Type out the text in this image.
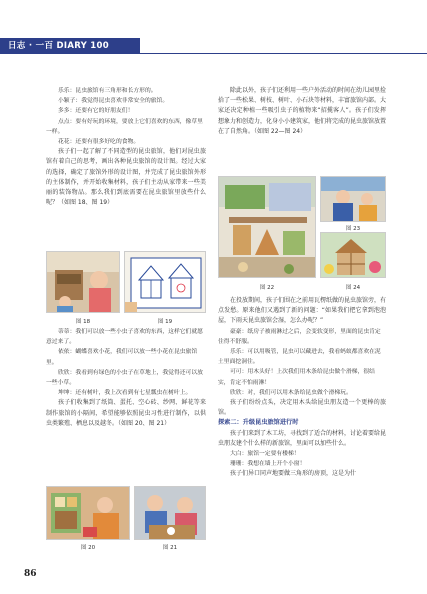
日志 · 一百 DIARY 100

乐乐：昆虫旅馆有三角形和长方形的。

小颖子：我觉得昆虫喜欢非常安全的旅馆。

多多：还要有它的好朋友们！

点点：要有好玩的环境，要放上它们喜欢的东西，像草里一样。

花花：还要有很多好吃的食物。

孩子们一起了解了不同造型的昆虫旅馆，他们对昆虫旅馆有着自己的思考，画出各种昆虫旅馆的设计图。经过大家的选择，确定了旅馆外形的设计图，并完成了昆虫旅馆外形的主体制作，并开始收集材料，孩子们主动从家带来一些美丽的装饰物品。那么我们到底需要在昆虫旅馆里放些什么呢？（如图 18、图 19）

图 18	图 19

蒂蒂：我们可以放一些小虫子喜欢的东西，这样它们就愿意过来了。

依依：蝴蝶喜欢小花，我们可以放一些小花在昆虫旅馆里。

欣欣：我看到有绿色的小虫子在草地上，我觉得还可以放一些小草。

坤坤：还有树叶，我上次看到有七星瓢虫在树叶上。

孩子们收集到了纸筒、蛋托、空心砖、纱网、鲜花等来制作旅馆的小隔间，希望能够依照昆虫习性进行制作，以供虫类繁殖、栖息以及越冬。（如图 20、图 21）

图 20	图 21

除此以外，孩子们还利用一些户外活动的时间在幼儿园里捡拾了一些松果、树枝、树叶、小石块等材料，丰富旅馆内部。大家还决定种植一些吸引虫子的植物来“招揽客人”。孩子们发挥想象力和创造力，化身小小建筑家，他们将完成的昆虫旅馆放置在了自然角。（如图 22—图 24）

图 22
图 23
图 24

在投放期间，孩子们围在之前用瓦楞纸做的昆虫旅馆旁，有点发愁。原来他们又遇到了新的问题：“如果我们把它拿到泡泡屋，下雨天昆虫旅馆会湿，怎么办呢？”

豪豪：纸房子被雨淋过之后，会变软变形，里面的昆虫肯定住得不舒服。

乐乐：可以用吸管，昆虫可以藏进去，我看蚂蚁都喜欢在泥土里面挖洞住。

可可：用木头好！上次我们用木条给昆虫做个滑梯，很结实，肯定不怕雨淋！

欣欣：对，我们可以用木条给昆虫做个滑梯玩。

孩子们纷纷点头，决定用木头给昆虫朋友造一个更棒的旅馆。

探索二：升级昆虫旅馆进行时

孩子们来到了木工坊，寻找到了适合的材料，讨论着要给昆虫朋友建个什么样的新旅馆，里面可以加些什么。

大白：旅馆一定要有楼梯！

珊珊：我想在墙上开个小窗！

孩子们异口同声地要做三角形的房顶，这是为什

86
